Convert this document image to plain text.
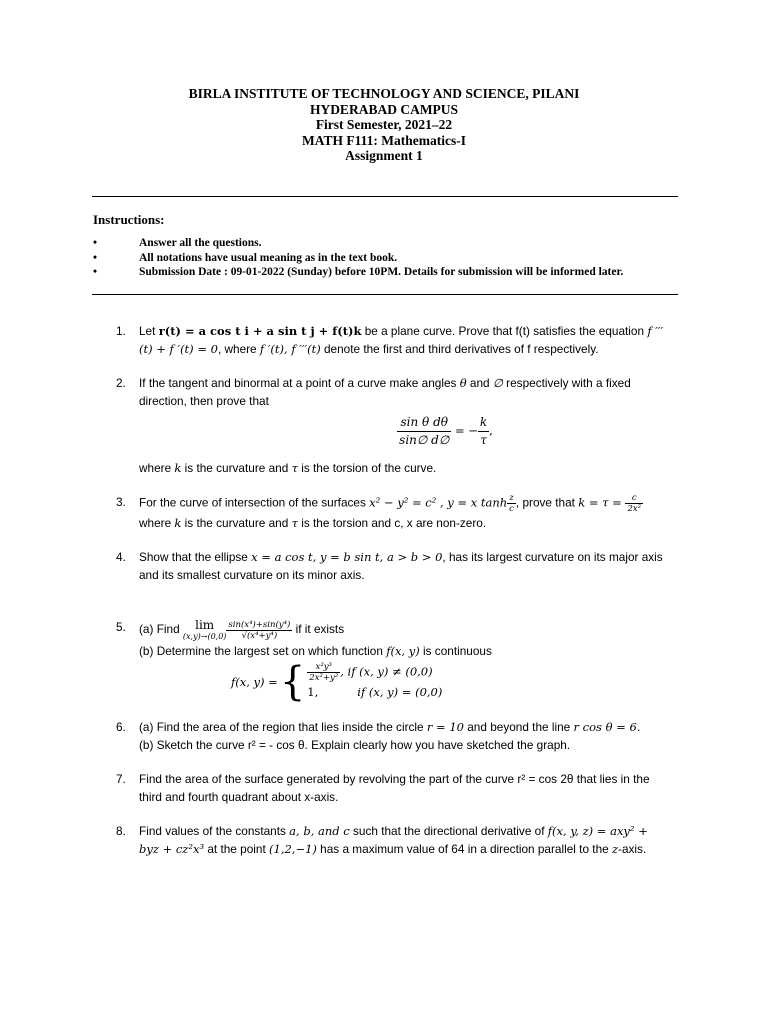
BIRLA INSTITUTE OF TECHNOLOGY AND SCIENCE, PILANI
HYDERABAD CAMPUS
First Semester, 2021–22
MATH F111: Mathematics-I
Assignment 1
Instructions:
•	Answer all the questions.
•	All notations have usual meaning as in the text book.
•	Submission Date : 09-01-2022 (Sunday) before 10PM. Details for submission will be informed later.
1. Let r(t) = a cos t i + a sin t j + f(t)k be a plane curve. Prove that f(t) satisfies the equation f ′′′(t) + f ′(t) = 0, where f ′(t), f ′′′(t) denote the first and third derivatives of f respectively.
2. If the tangent and binormal at a point of a curve make angles θ and ∅ respectively with a fixed direction, then prove that
$\frac{\text{sin θ dθ}}{\sin\emptyset d\emptyset}$ = − $\frac{k}{\tau}$ ,
where k is the curvature and τ is the torsion of the curve.
3. For the curve of intersection of the surfaces x² − y² = c² , y = x $\tanh \frac{z}{c}$ , prove that $k = \tau = \frac{c}{\text{2x²}}$
where k is the curvature and τ is the torsion and c, x are non-zero.
4. Show that the ellipse x = a cos t, y = b sin t, a > b > 0, has its largest curvature on its major axis and its smallest curvature on its minor axis.
5. (a) Find	lim
$(x,y)\to(0,0) \frac{\text{sin(x⁴)+sin(y⁴)}}{\text{√(x⁴+y⁴)}}$ if it exists
(b) Determine the largest set on which function f(x, y) is continuous
f(x, y) = { $\frac{\text{x²y³}}{\text{2x²+y²}}$ , if (x, y) ≠ (0,0)
1,	if (x, y) = (0,0)
6. (a) Find the area of the region that lies inside the circle r = 10 and beyond the line r cos θ = 6.
(b) Sketch the curve r² = - cos θ. Explain clearly how you have sketched the graph.
7. Find the area of the surface generated by revolving the part of the curve r² = cos 2θ that lies in the third and fourth quadrant about x-axis.
8. Find values of the constants a, b, and c such that the directional derivative of f(x, y, z) = axy² + byz + cz²x³ at the point (1,2,−1) has a maximum value of 64 in a direction parallel to the z-axis.
